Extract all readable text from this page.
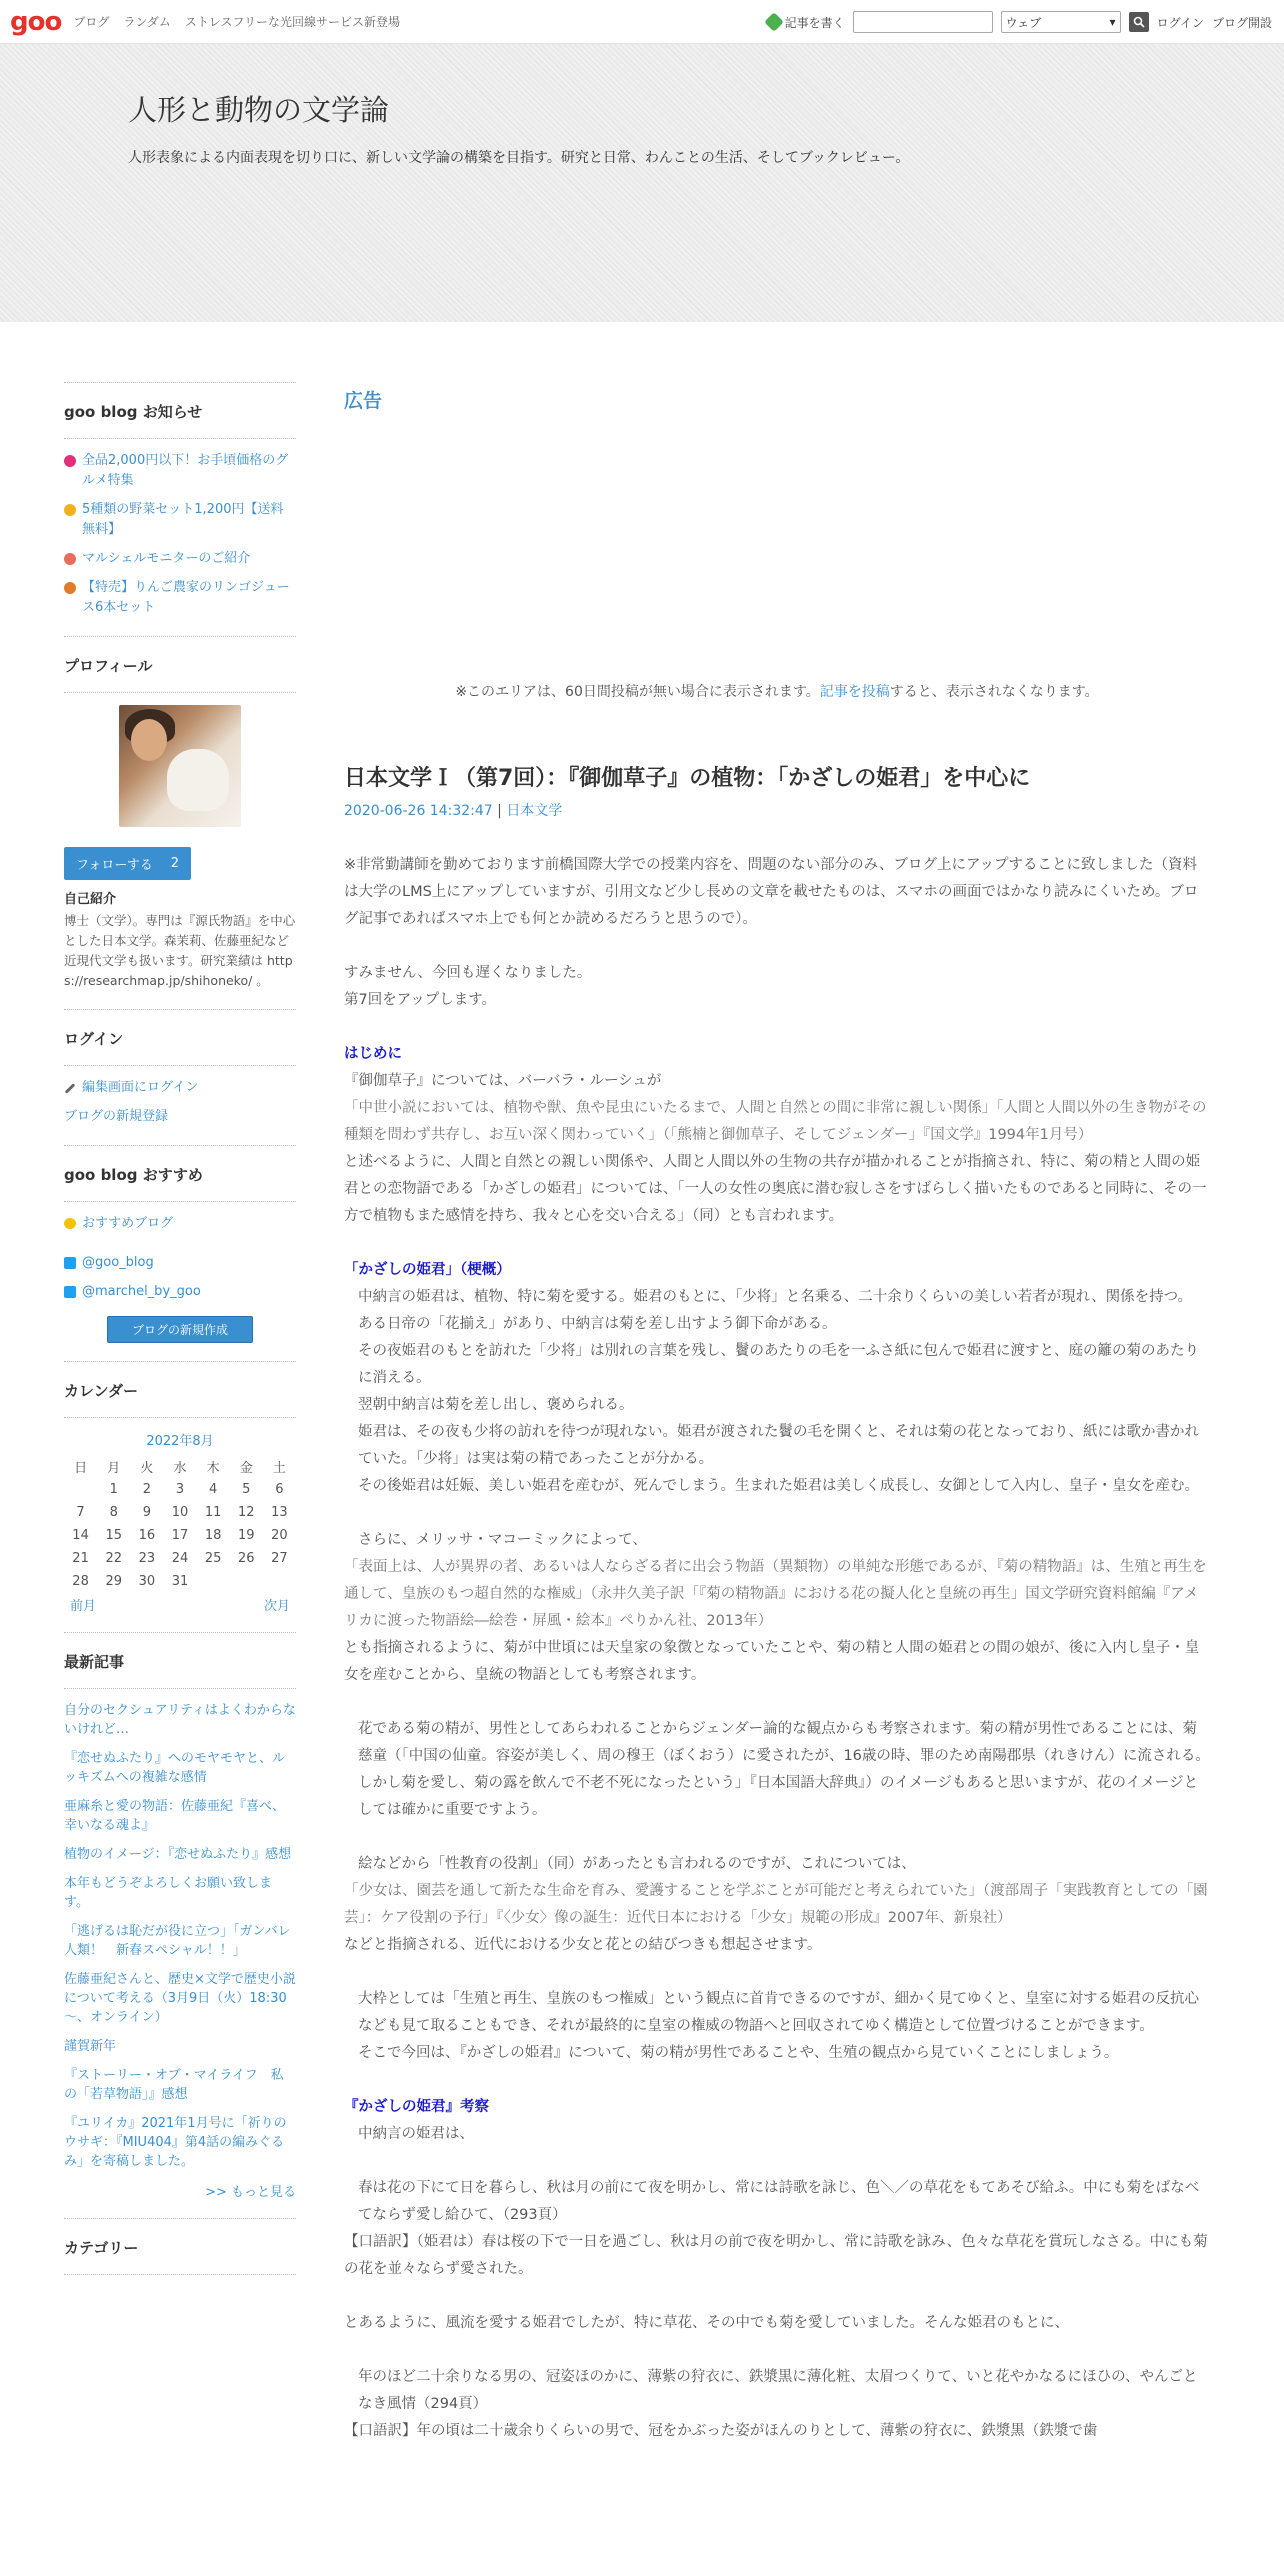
goo ブログ ランダム ストレスフリーな光回線サービス新登場	記事を書く	ウェブ	▾	ログイン ブログ開設
人形と動物の文学論
人形表象による内面表現を切り口に、新しい文学論の構築を目指す。研究と日常、わんことの生活、そしてブックレビュー。
goo blog お知らせ
全品2,000円以下！お手頃価格のグルメ特集
5種類の野菜セット1,200円【送料無料】
マルシェルモニターのご紹介
【特売】りんご農家のリンゴジュース6本セット
プロフィール
フォローする 2
自己紹介
博士（文学）。専門は『源氏物語』を中心とした日本文学。森茉莉、佐藤亜紀など近現代文学も扱います。研究業績は https://researchmap.jp/shihoneko/ 。
ログイン
編集画面にログイン
ブログの新規登録
goo blog おすすめ
おすすめブログ
@goo_blog
@marchel_by_goo
ブログの新規作成
カレンダー
2022年8月
日	月	火	水	木	金	土
	1	2	3	4	5	6
7	8	9	10	11	12	13
14	15	16	17	18	19	20
21	22	23	24	25	26	27
28	29	30	31			
前月	次月
最新記事
自分のセクシュアリティはよくわからないけれど…
『恋せぬふたり』へのモヤモヤと、ルッキズムへの複雑な感情
亜麻糸と愛の物語：佐藤亜紀『喜べ、幸いなる魂よ』
植物のイメージ：『恋せぬふたり』感想
本年もどうぞよろしくお願い致します。
「逃げるは恥だが役に立つ」「ガンバレ人類！　新春スペシャル！！」
佐藤亜紀さんと、歴史×文学で歴史小説について考える（3月9日（火）18:30～、オンライン）
謹賀新年
『ストーリー・オブ・マイライフ　私の「若草物語」』感想
『ユリイカ』2021年1月号に「祈りのウサギ：『MIU404』第4話の編みぐるみ」を寄稿しました。
>> もっと見る
カテゴリー
広告
※このエリアは、60日間投稿が無い場合に表示されます。記事を投稿すると、表示されなくなります。
日本文学Ｉ（第7回）：『御伽草子』の植物：「かざしの姫君」を中心に
2020-06-26 14:32:47 | 日本文学

※非常勤講師を勤めております前橋国際大学での授業内容を、問題のない部分のみ、ブログ上にアップすることに致しました（資料は大学のLMS上にアップしていますが、引用文など少し長めの文章を載せたものは、スマホの画面ではかなり読みにくいため。ブログ記事であればスマホ上でも何とか読めるだろうと思うので）。

すみません、今回も遅くなりました。

第7回をアップします。

はじめに

『御伽草子』については、バーバラ・ルーシュが

「中世小説においては、植物や獣、魚や昆虫にいたるまで、人間と自然との間に非常に親しい関係」「人間と人間以外の生き物がその種類を問わず共存し、お互い深く関わっていく」（「熊楠と御伽草子、そしてジェンダー」『国文学』1994年1月号）

と述べるように、人間と自然との親しい関係や、人間と人間以外の生物の共存が描かれることが指摘され、特に、菊の精と人間の姫君との恋物語である「かざしの姫君」については、「一人の女性の奥底に潜む寂しさをすばらしく描いたものであると同時に、その一方で植物もまた感情を持ち、我々と心を交い合える」（同）とも言われます。

「かざしの姫君」（梗概）

中納言の姫君は、植物、特に菊を愛する。姫君のもとに、「少将」と名乗る、二十余りくらいの美しい若者が現れ、関係を持つ。

ある日帝の「花揃え」があり、中納言は菊を差し出すよう御下命がある。

その夜姫君のもとを訪れた「少将」は別れの言葉を残し、鬢のあたりの毛を一ふさ紙に包んで姫君に渡すと、庭の籬の菊のあたりに消える。

翌朝中納言は菊を差し出し、褒められる。

姫君は、その夜も少将の訪れを待つが現れない。姫君が渡された鬢の毛を開くと、それは菊の花となっており、紙には歌か書かれていた。「少将」は実は菊の精であったことが分かる。

その後姫君は妊娠、美しい姫君を産むが、死んでしまう。生まれた姫君は美しく成長し、女御として入内し、皇子・皇女を産む。

さらに、メリッサ・マコーミックによって、

「表面上は、人が異界の者、あるいは人ならざる者に出会う物語（異類物）の単純な形態であるが、『菊の精物語』は、生殖と再生を通して、皇族のもつ超自然的な権威」（永井久美子訳「『菊の精物語』における花の擬人化と皇統の再生」国文学研究資料館編『アメリカに渡った物語絵―絵巻・屏風・絵本』ぺりかん社、2013年）

とも指摘されるように、菊が中世頃には天皇家の象徴となっていたことや、菊の精と人間の姫君との間の娘が、後に入内し皇子・皇女を産むことから、皇統の物語としても考察されます。

花である菊の精が、男性としてあらわれることからジェンダー論的な観点からも考察されます。菊の精が男性であることには、菊慈童（「中国の仙童。容姿が美しく、周の穆王（ぼくおう）に愛されたが、16歳の時、罪のため南陽郡県（れきけん）に流される。しかし菊を愛し、菊の露を飲んで不老不死になったという」『日本国語大辞典』）のイメージもあると思いますが、花のイメージとしては確かに重要ですよう。

絵などから「性教育の役割」（同）があったとも言われるのですが、これについては、

「少女は、園芸を通して新たな生命を育み、愛護することを学ぶことが可能だと考えられていた」（渡部周子「実践教育としての「園芸」：ケア役割の予行」『〈少女〉像の誕生：近代日本における「少女」規範の形成』2007年、新泉社）

などと指摘される、近代における少女と花との結びつきも想起させます。

大枠としては「生殖と再生、皇族のもつ権威」という観点に首肯できるのですが、細かく見てゆくと、皇室に対する姫君の反抗心なども見て取ることもでき、それが最終的に皇室の権威の物語へと回収されてゆく構造として位置づけることができます。

そこで今回は、『かざしの姫君』について、菊の精が男性であることや、生殖の観点から見ていくことにしましょう。

『かざしの姫君』考察

中納言の姫君は、

春は花の下にて日を暮らし、秋は月の前にて夜を明かし、常には詩歌を詠じ、色＼／の草花をもてあそび給ふ。中にも菊をばなべてならず愛し給ひて、（293頁）

【口語訳】（姫君は）春は桜の下で一日を過ごし、秋は月の前で夜を明かし、常に詩歌を詠み、色々な草花を賞玩しなさる。中にも菊の花を並々ならず愛された。

とあるように、風流を愛する姫君でしたが、特に草花、その中でも菊を愛していました。そんな姫君のもとに、

年のほど二十余りなる男の、冠姿ほのかに、薄紫の狩衣に、鉄漿黒に薄化粧、太眉つくりて、いと花やかなるにほひの、やんごとなき風情（294頁）

【口語訳】年の頃は二十歳余りくらいの男で、冠をかぶった姿がほんのりとして、薄紫の狩衣に、鉄漿黒（鉄漿で歯
